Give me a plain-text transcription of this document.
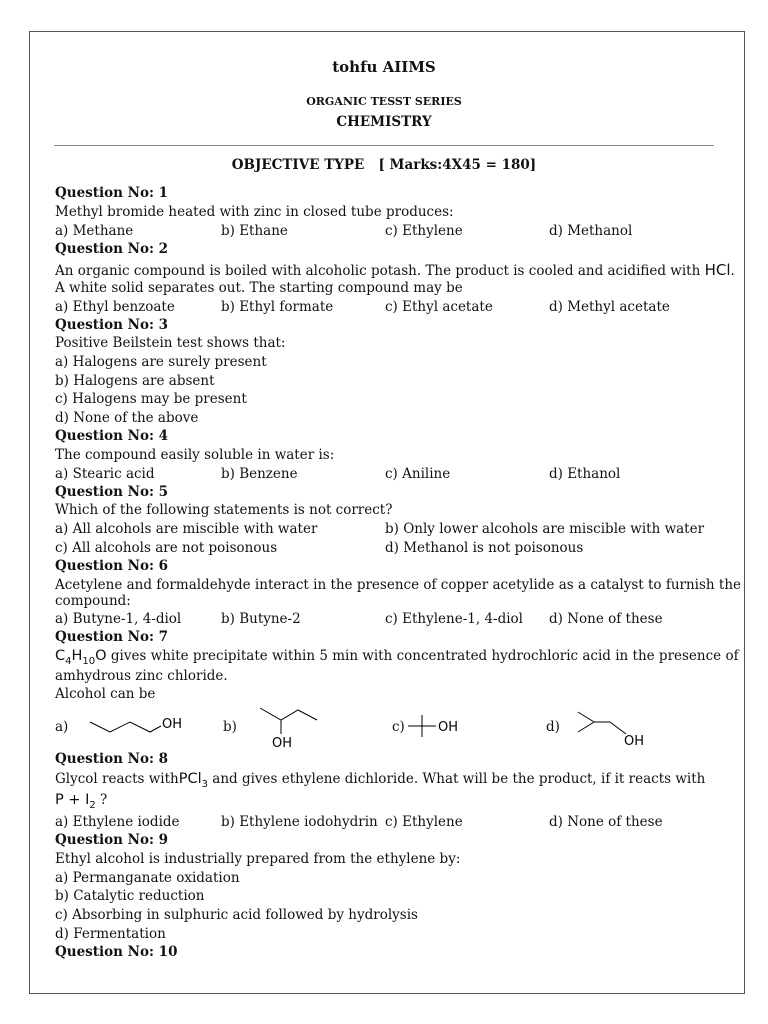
tohfu AIIMS
ORGANIC TESST SERIES
CHEMISTRY
OBJECTIVE TYPE   [ Marks:4X45 = 180]
Question No: 1
Methyl bromide heated with zinc in closed tube produces:
a) Methane	b) Ethane	c) Ethylene	d) Methanol
Question No: 2
An organic compound is boiled with alcoholic potash. The product is cooled and acidified with HCl.
A white solid separates out. The starting compound may be
a) Ethyl benzoate	b) Ethyl formate	c) Ethyl acetate	d) Methyl acetate
Question No: 3
Positive Beilstein test shows that:
a) Halogens are surely present
b) Halogens are absent
c) Halogens may be present
d) None of the above
Question No: 4
The compound easily soluble in water is:
a) Stearic acid	b) Benzene	c) Aniline	d) Ethanol
Question No: 5
Which of the following statements is not correct?
a) All alcohols are miscible with water	b) Only lower alcohols are miscible with water
c) All alcohols are not poisonous	d) Methanol is not poisonous
Question No: 6
Acetylene and formaldehyde interact in the presence of copper acetylide as a catalyst to furnish the
compound:
a) Butyne-1, 4-diol	b) Butyne-2	c) Ethylene-1, 4-diol d) None of these
Question No: 7
$C_4H_{10}O$ gives white precipitate within 5 min with concentrated hydrochloric acid in the presence of
amhydrous zinc chloride.
Alcohol can be
a)	OH	b)
OH
c)	OH	d)
OH
Question No: 8
Glycol reacts withPCl$_3$ and gives ethylene dichloride. What will be the product, if it reacts with
$P + I_2$ ?
a) Ethylene iodide	b) Ethylene iodohydrin c) Ethylene	d) None of these
Question No: 9
Ethyl alcohol is industrially prepared from the ethylene by:
a) Permanganate oxidation
b) Catalytic reduction
c) Absorbing in sulphuric acid followed by hydrolysis
d) Fermentation
Question No: 10
